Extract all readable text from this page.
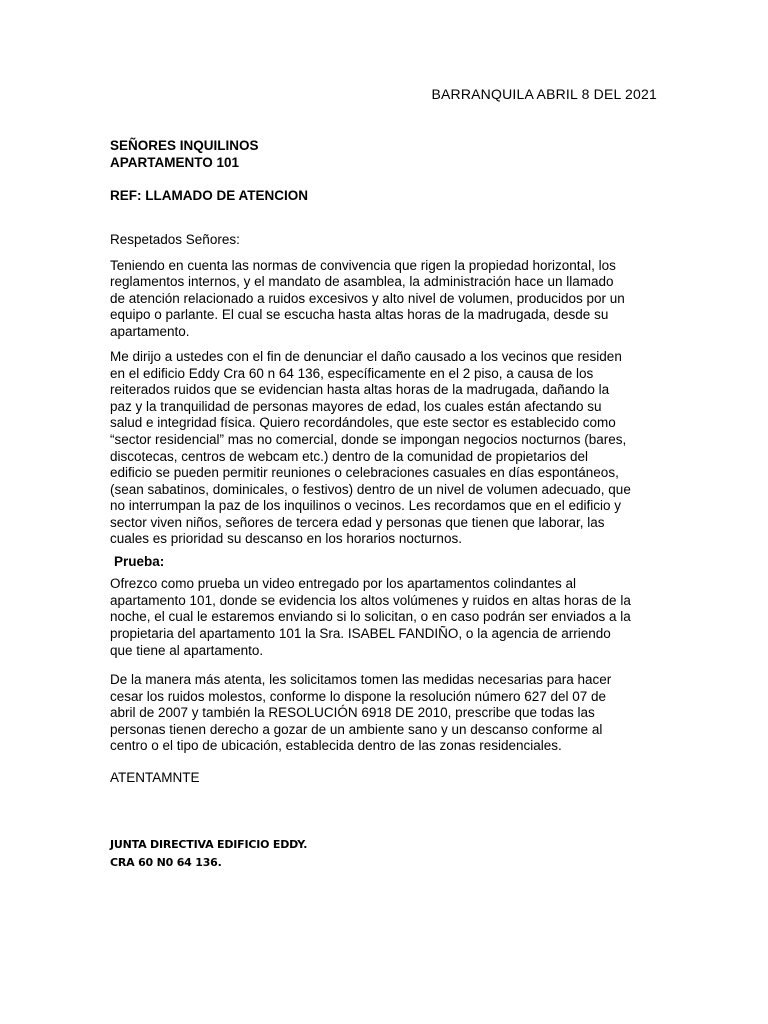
BARRANQUILA ABRIL 8 DEL 2021
SEÑORES INQUILINOS
APARTAMENTO 101
REF: LLAMADO DE ATENCION

Respetados Señores:

Teniendo en cuenta las normas de convivencia que rigen la propiedad horizontal, los
reglamentos internos, y el mandato de asamblea, la administración hace un llamado
de atención relacionado a ruidos excesivos y alto nivel de volumen, producidos por un
equipo o parlante. El cual se escucha hasta altas horas de la madrugada, desde su
apartamento.

Me dirijo a ustedes con el fin de denunciar el daño causado a los vecinos que residen
en el edificio Eddy Cra 60 n 64 136, específicamente en el 2 piso, a causa de los
reiterados ruidos que se evidencian hasta altas horas de la madrugada, dañando la
paz y la tranquilidad de personas mayores de edad, los cuales están afectando su
salud e integridad física. Quiero recordándoles, que este sector es establecido como
“sector residencial” mas no comercial, donde se impongan negocios nocturnos (bares,
discotecas, centros de webcam etc.) dentro de la comunidad de propietarios del
edificio se pueden permitir reuniones o celebraciones casuales en días espontáneos,
(sean sabatinos, dominicales, o festivos) dentro de un nivel de volumen adecuado, que
no interrumpan la paz de los inquilinos o vecinos. Les recordamos que en el edificio y
sector viven niños, señores de tercera edad y personas que tienen que laborar, las
cuales es prioridad su descanso en los horarios nocturnos.

Prueba:

Ofrezco como prueba un video entregado por los apartamentos colindantes al
apartamento 101, donde se evidencia los altos volúmenes y ruidos en altas horas de la
noche, el cual le estaremos enviando si lo solicitan, o en caso podrán ser enviados a la
propietaria del apartamento 101 la Sra. ISABEL FANDIÑO, o la agencia de arriendo
que tiene al apartamento.

De la manera más atenta, les solicitamos tomen las medidas necesarias para hacer
cesar los ruidos molestos, conforme lo dispone la resolución número 627 del 07 de
abril de 2007 y también la RESOLUCIÓN 6918 DE 2010, prescribe que todas las
personas tienen derecho a gozar de un ambiente sano y un descanso conforme al
centro o el tipo de ubicación, establecida dentro de las zonas residenciales.

ATENTAMNTE

JUNTA DIRECTIVA EDIFICIO EDDY.
CRA 60 N0 64 136.
